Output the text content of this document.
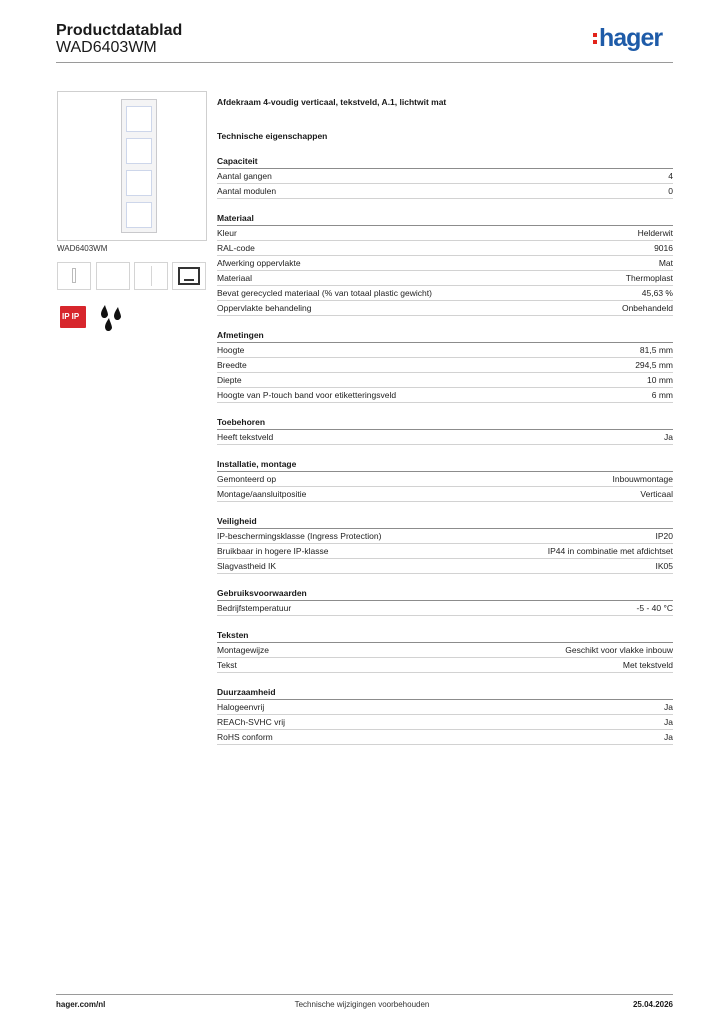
Productdatablad
WAD6403WM	hager
WAD6403WM
IP IP
Afdekraam 4-voudig verticaal, tekstveld, A.1, lichtwit mat
Technische eigenschappen
Capaciteit
Aantal gangen	4
Aantal modulen	0
Materiaal
Kleur	Helderwit
RAL-code	9016
Afwerking oppervlakte	Mat
Materiaal	Thermoplast
Bevat gerecycled materiaal (% van totaal plastic gewicht)	45,63 %
Oppervlakte behandeling	Onbehandeld
Afmetingen
Hoogte	81,5 mm
Breedte	294,5 mm
Diepte	10 mm
Hoogte van P-touch band voor etiketteringsveld	6 mm
Toebehoren
Heeft tekstveld	Ja
Installatie, montage
Gemonteerd op	Inbouwmontage
Montage/aansluitpositie	Verticaal
Veiligheid
IP-beschermingsklasse (Ingress Protection)	IP20
Bruikbaar in hogere IP-klasse	IP44 in combinatie met afdichtset
Slagvastheid IK	IK05
Gebruiksvoorwaarden
Bedrijfstemperatuur	-5 - 40 °C
Teksten
Montagewijze	Geschikt voor vlakke inbouw
Tekst	Met tekstveld
Duurzaamheid
Halogeenvrij	Ja
REACh-SVHC vrij	Ja
RoHS conform	Ja
hager.com/nl	Technische wijzigingen voorbehouden	25.04.2026
